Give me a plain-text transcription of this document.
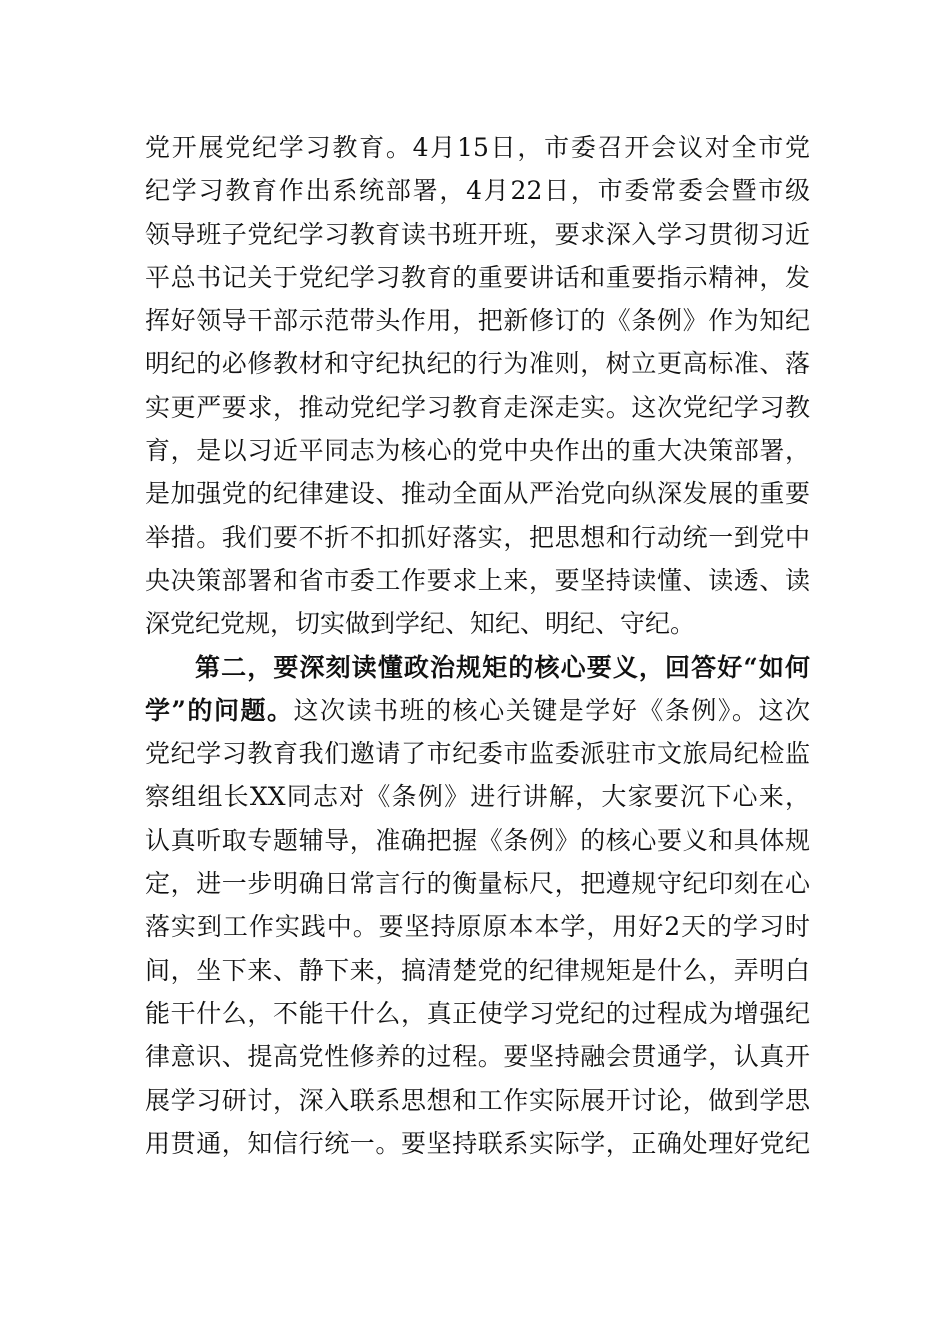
党开展党纪学习教育。4月15日，市委召开会议对全市党
纪学习教育作出系统部署，4月22日，市委常委会暨市级
领导班子党纪学习教育读书班开班，要求深入学习贯彻习近
平总书记关于党纪学习教育的重要讲话和重要指示精神，发
挥好领导干部示范带头作用，把新修订的《条例》作为知纪
明纪的必修教材和守纪执纪的行为准则，树立更高标准、落
实更严要求，推动党纪学习教育走深走实。这次党纪学习教
育，是以习近平同志为核心的党中央作出的重大决策部署，
是加强党的纪律建设、推动全面从严治党向纵深发展的重要
举措。我们要不折不扣抓好落实，把思想和行动统一到党中
央决策部署和省市委工作要求上来，要坚持读懂、读透、读
深党纪党规，切实做到学纪、知纪、明纪、守纪。
第二，要深刻读懂政治规矩的核心要义，回答好“如何
学”的问题。这次读书班的核心关键是学好《条例》。这次
党纪学习教育我们邀请了市纪委市监委派驻市文旅局纪检监
察组组长XX同志对《条例》进行讲解，大家要沉下心来，
认真听取专题辅导，准确把握《条例》的核心要义和具体规
定，进一步明确日常言行的衡量标尺，把遵规守纪印刻在心
落实到工作实践中。要坚持原原本本学，用好2天的学习时
间，坐下来、静下来，搞清楚党的纪律规矩是什么，弄明白
能干什么，不能干什么，真正使学习党纪的过程成为增强纪
律意识、提高党性修养的过程。要坚持融会贯通学，认真开
展学习研讨，深入联系思想和工作实际展开讨论，做到学思
用贯通，知信行统一。要坚持联系实际学，正确处理好党纪
